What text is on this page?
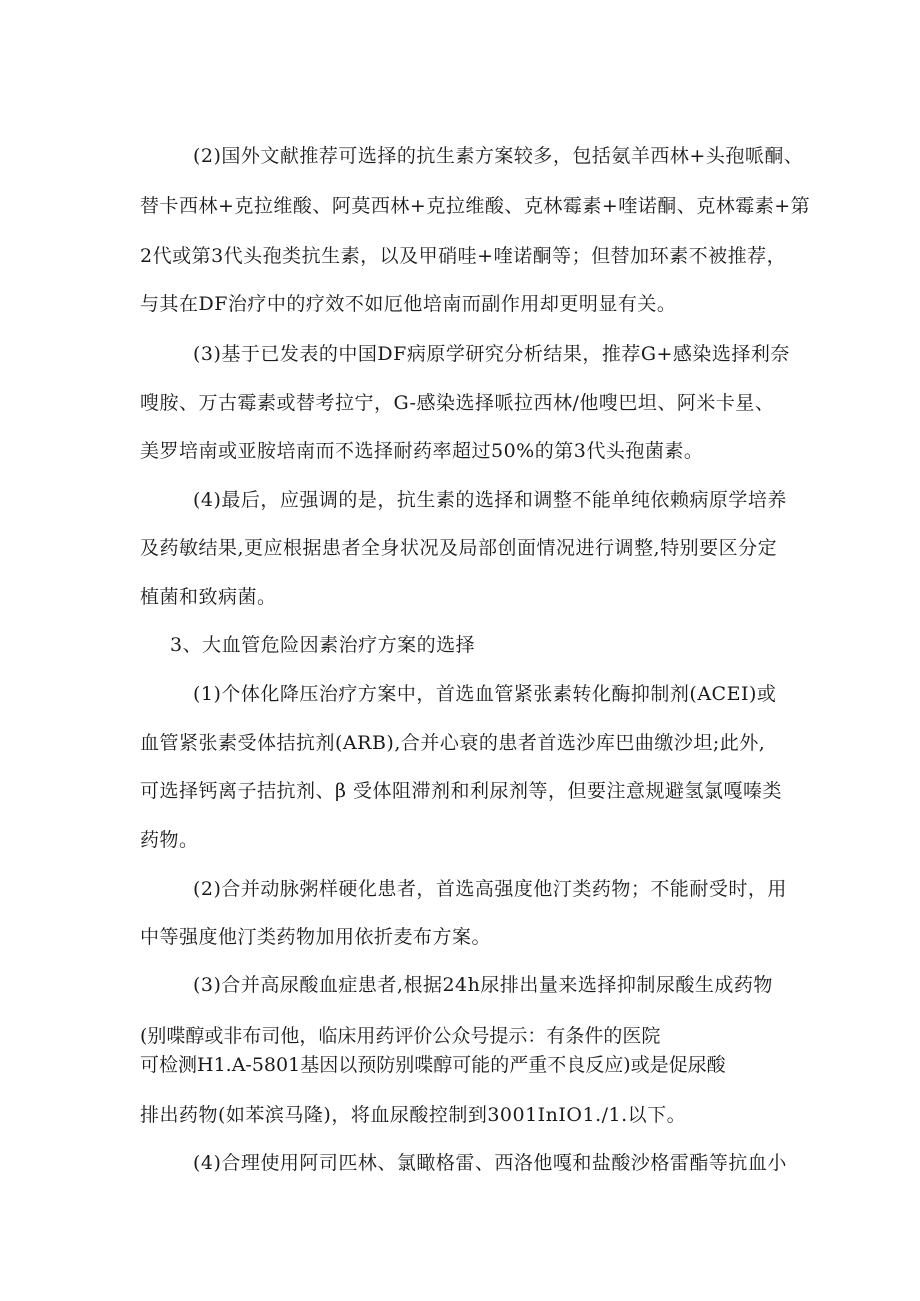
(2)国外文献推荐可选择的抗生素方案较多，包括氨羊西林+头孢哌酮、
替卡西林+克拉维酸、阿莫西林+克拉维酸、克林霉素+喹诺酮、克林霉素+第
2代或第3代头孢类抗生素，以及甲硝哇+喹诺酮等；但替加环素不被推荐，
与其在DF治疗中的疗效不如厄他培南而副作用却更明显有关。
(3)基于已发表的中国DF病原学研究分析结果，推荐G+感染选择利奈
嗖胺、万古霉素或替考拉宁，G-感染选择哌拉西林/他嗖巴坦、阿米卡星、
美罗培南或亚胺培南而不选择耐药率超过50%的第3代头孢菌素。
(4)最后，应强调的是，抗生素的选择和调整不能单纯依赖病原学培养
及药敏结果,更应根据患者全身状况及局部创面情况进行调整,特别要区分定
植菌和致病菌。
3、大血管危险因素治疗方案的选择
(1)个体化降压治疗方案中，首选血管紧张素转化酶抑制剂(ACEI)或
血管紧张素受体拮抗剂(ARB),合并心衰的患者首选沙库巴曲缴沙坦;此外,
可选择钙离子拮抗剂、β 受体阻滞剂和利尿剂等，但要注意规避氢氯嘎嗪类
药物。
(2)合并动脉粥样硬化患者，首选高强度他汀类药物；不能耐受时，用
中等强度他汀类药物加用依折麦布方案。
(3)合并高尿酸血症患者,根据24h尿排出量来选择抑制尿酸生成药物
(别喋醇或非布司他，临床用药评价公众号提示：有条件的医院
可检测H1.A-5801基因以预防别喋醇可能的严重不良反应)或是促尿酸
排出药物(如苯滨马隆)，将血尿酸控制到3001InIO1./1.以下。
(4)合理使用阿司匹林、氯瞰格雷、西洛他嘎和盐酸沙格雷酯等抗血小
